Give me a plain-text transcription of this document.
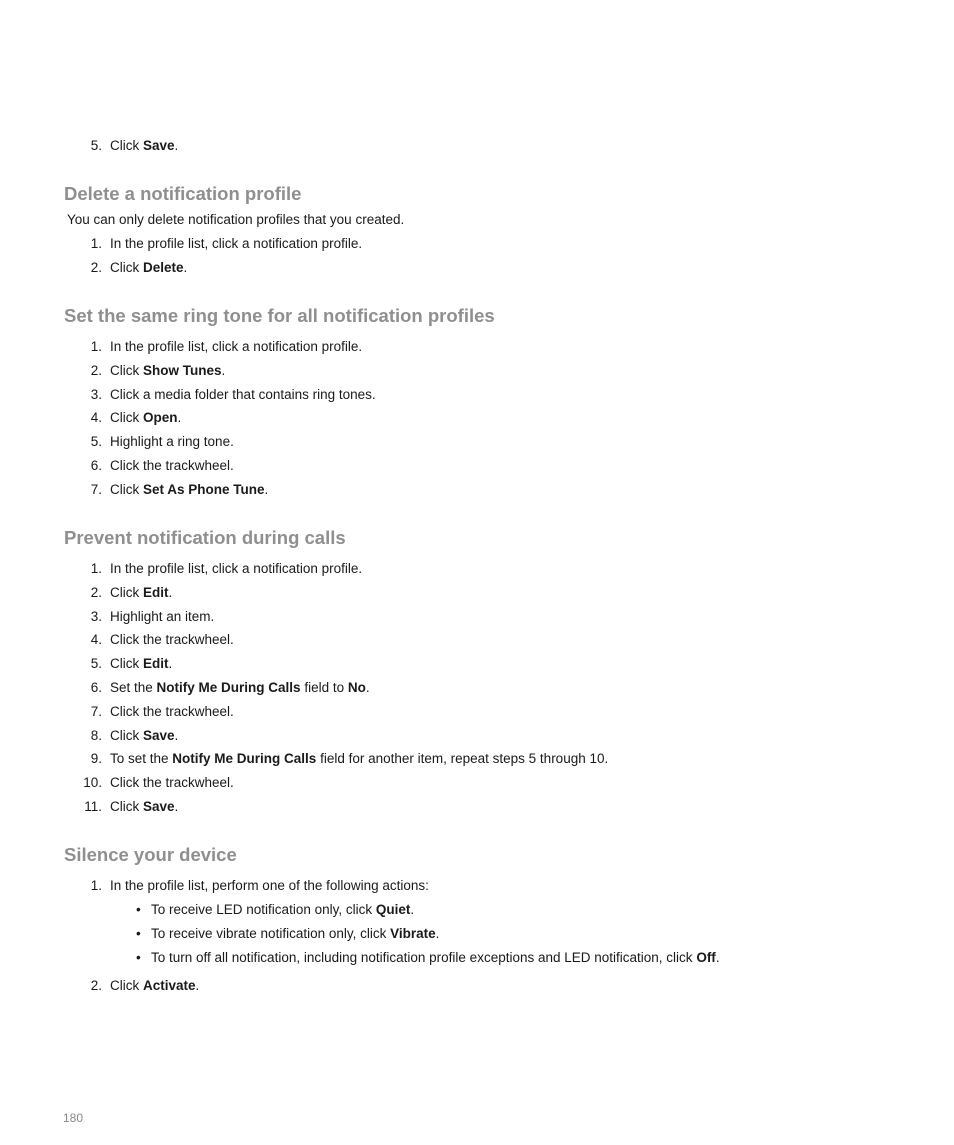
5. Click Save.
Delete a notification profile
You can only delete notification profiles that you created.
1. In the profile list, click a notification profile.
2. Click Delete.
Set the same ring tone for all notification profiles
1. In the profile list, click a notification profile.
2. Click Show Tunes.
3. Click a media folder that contains ring tones.
4. Click Open.
5. Highlight a ring tone.
6. Click the trackwheel.
7. Click Set As Phone Tune.
Prevent notification during calls
1. In the profile list, click a notification profile.
2. Click Edit.
3. Highlight an item.
4. Click the trackwheel.
5. Click Edit.
6. Set the Notify Me During Calls field to No.
7. Click the trackwheel.
8. Click Save.
9. To set the Notify Me During Calls field for another item, repeat steps 5 through 10.
10. Click the trackwheel.
11. Click Save.
Silence your device
1. In the profile list, perform one of the following actions:
• To receive LED notification only, click Quiet.
• To receive vibrate notification only, click Vibrate.
• To turn off all notification, including notification profile exceptions and LED notification, click Off.
2. Click Activate.
180
